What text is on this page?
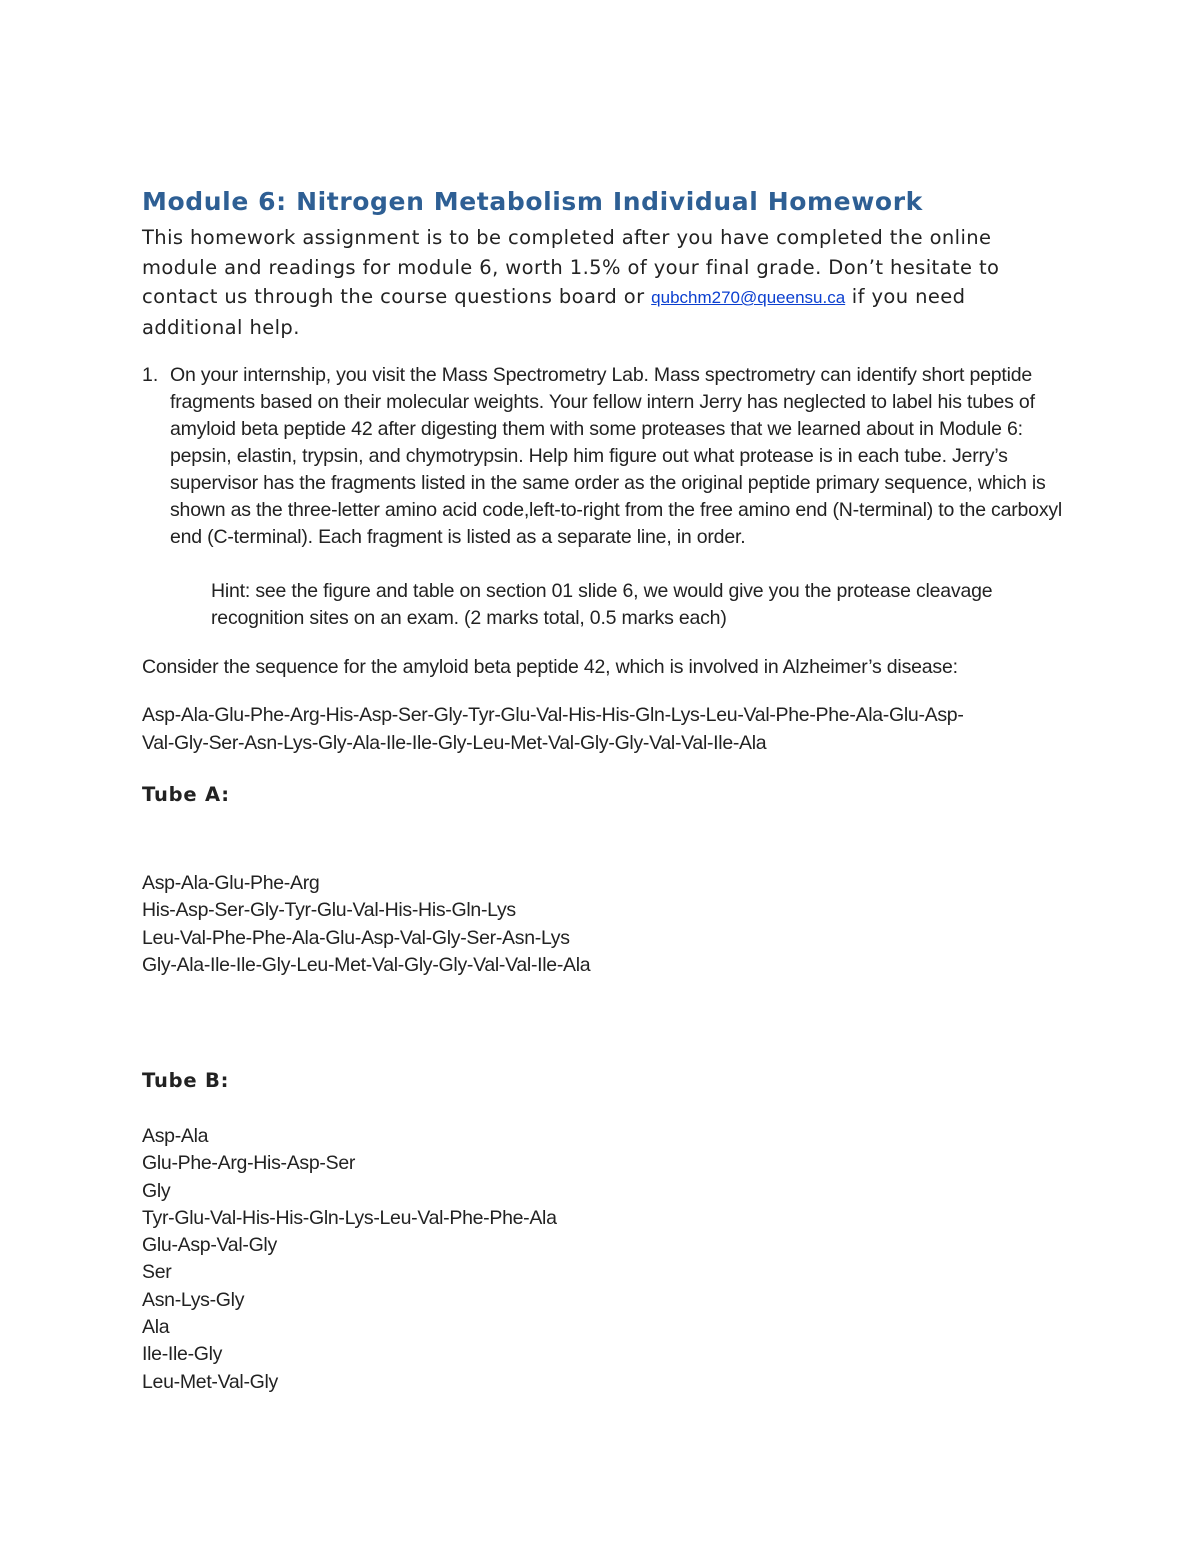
Module 6: Nitrogen Metabolism Individual Homework
This homework assignment is to be completed after you have completed the online module and readings for module 6, worth 1.5% of your final grade. Don’t hesitate to contact us through the course questions board or qubchm270@queensu.ca if you need additional help.
1. On your internship, you visit the Mass Spectrometry Lab. Mass spectrometry can identify short peptide fragments based on their molecular weights. Your fellow intern Jerry has neglected to label his tubes of amyloid beta peptide 42 after digesting them with some proteases that we learned about in Module 6: pepsin, elastin, trypsin, and chymotrypsin. Help him figure out what protease is in each tube. Jerry’s supervisor has the fragments listed in the same order as the original peptide primary sequence, which is shown as the three-letter amino acid code,left-to-right from the free amino end (N-terminal) to the carboxyl end (C-terminal). Each fragment is listed as a separate line, in order.
Hint: see the figure and table on section 01 slide 6, we would give you the protease cleavage recognition sites on an exam. (2 marks total, 0.5 marks each)
Consider the sequence for the amyloid beta peptide 42, which is involved in Alzheimer’s disease:
Asp-Ala-Glu-Phe-Arg-His-Asp-Ser-Gly-Tyr-Glu-Val-His-His-Gln-Lys-Leu-Val-Phe-Phe-Ala-Glu-Asp-
Val-Gly-Ser-Asn-Lys-Gly-Ala-Ile-Ile-Gly-Leu-Met-Val-Gly-Gly-Val-Val-Ile-Ala
Tube A:
Asp-Ala-Glu-Phe-Arg
His-Asp-Ser-Gly-Tyr-Glu-Val-His-His-Gln-Lys
Leu-Val-Phe-Phe-Ala-Glu-Asp-Val-Gly-Ser-Asn-Lys
Gly-Ala-Ile-Ile-Gly-Leu-Met-Val-Gly-Gly-Val-Val-Ile-Ala
Tube B:
Asp-Ala
Glu-Phe-Arg-His-Asp-Ser
Gly
Tyr-Glu-Val-His-His-Gln-Lys-Leu-Val-Phe-Phe-Ala
Glu-Asp-Val-Gly
Ser
Asn-Lys-Gly
Ala
Ile-Ile-Gly
Leu-Met-Val-Gly
